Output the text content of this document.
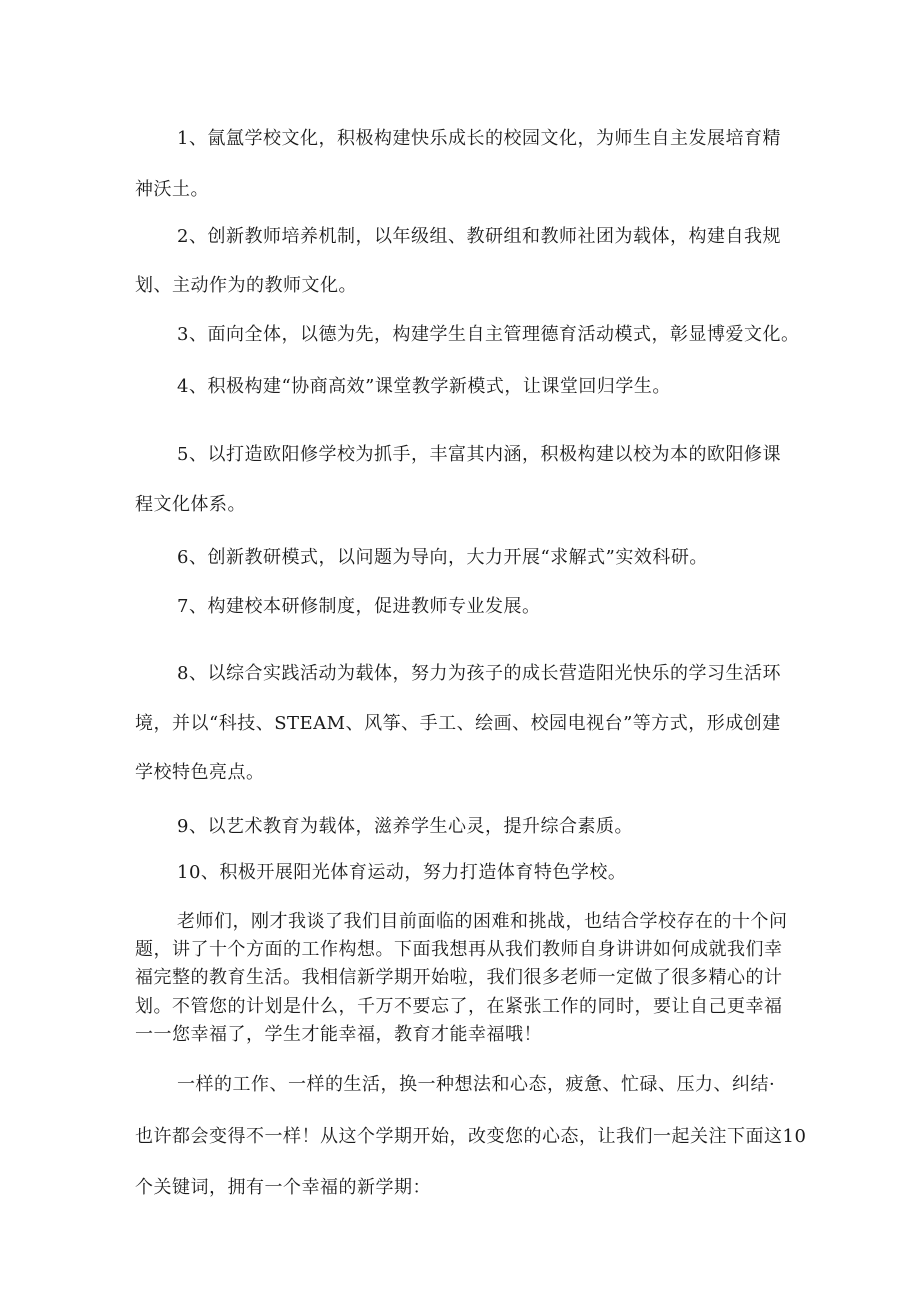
1、氤氲学校文化，积极构建快乐成长的校园文化，为师生自主发展培育精
神沃土。
2、创新教师培养机制，以年级组、教研组和教师社团为载体，构建自我规
划、主动作为的教师文化。
3、面向全体，以德为先，构建学生自主管理德育活动模式，彰显博爱文化。
4、积极构建“协商高效”课堂教学新模式，让课堂回归学生。
5、以打造欧阳修学校为抓手，丰富其内涵，积极构建以校为本的欧阳修课
程文化体系。
6、创新教研模式，以问题为导向，大力开展“求解式”实效科研。
7、构建校本研修制度，促进教师专业发展。
8、以综合实践活动为载体，努力为孩子的成长营造阳光快乐的学习生活环
境，并以“科技、STEAM、风筝、手工、绘画、校园电视台”等方式，形成创建
学校特色亮点。
9、以艺术教育为载体，滋养学生心灵，提升综合素质。
10、积极开展阳光体育运动，努力打造体育特色学校。
老师们，刚才我谈了我们目前面临的困难和挑战，也结合学校存在的十个问
题，讲了十个方面的工作构想。下面我想再从我们教师自身讲讲如何成就我们幸
福完整的教育生活。我相信新学期开始啦，我们很多老师一定做了很多精心的计
划。不管您的计划是什么，千万不要忘了，在紧张工作的同时，要让自己更幸福
一一您幸福了，学生才能幸福，教育才能幸福哦！
一样的工作、一样的生活，换一种想法和心态，疲惫、忙碌、压力、纠结·
也许都会变得不一样！从这个学期开始，改变您的心态，让我们一起关注下面这10
个关键词，拥有一个幸福的新学期：
